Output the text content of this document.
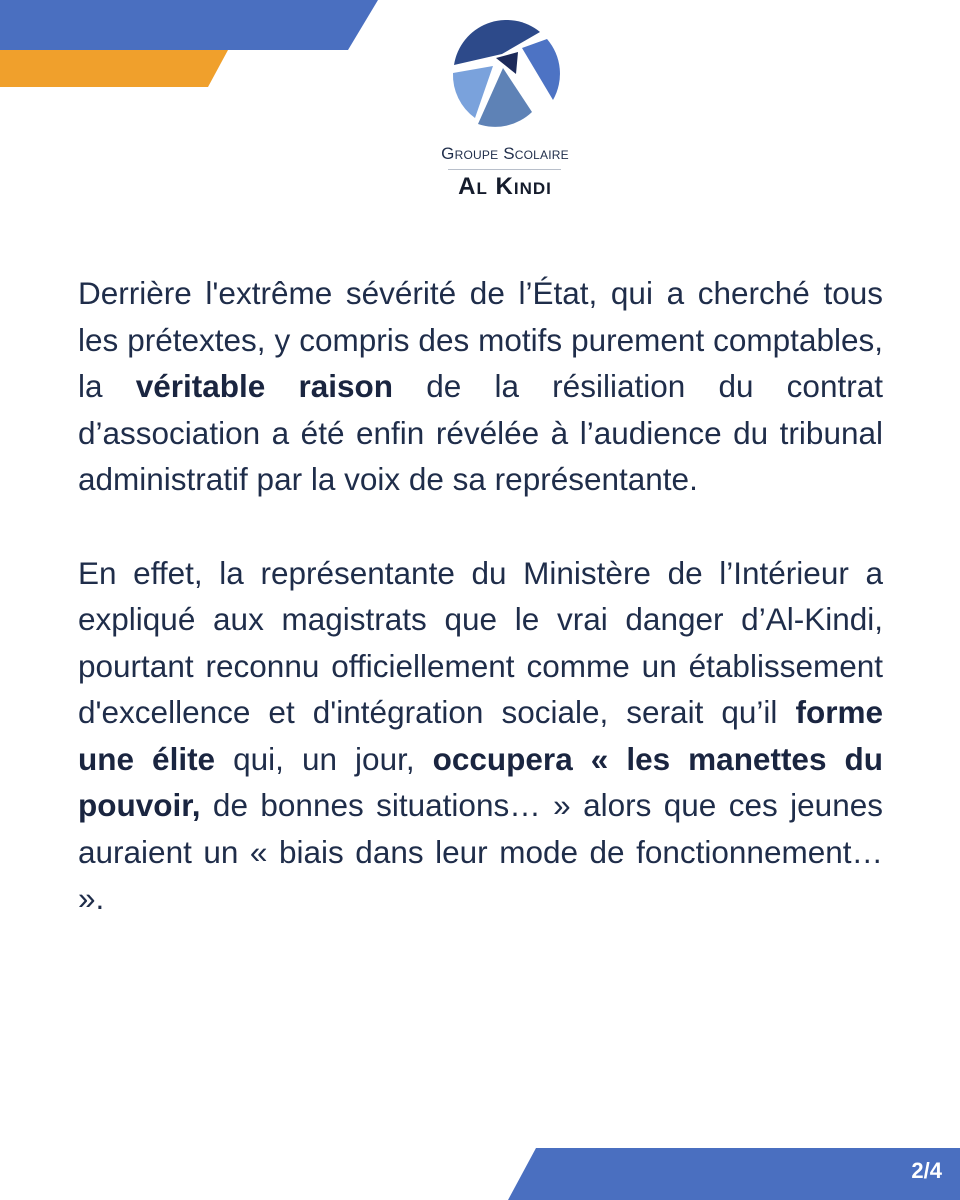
Groupe Scolaire
Al Kindi

Derrière l'extrême sévérité de l’État, qui a cherché tous les prétextes, y compris des motifs purement comptables, la véritable raison de la résiliation du contrat d’association a été enfin révélée à l’audience du tribunal administratif par la voix de sa représentante.

En effet, la représentante du Ministère de l’Intérieur a expliqué aux magistrats que le vrai danger d’Al-Kindi, pourtant reconnu officiellement comme un établissement d'excellence et d'intégration sociale, serait qu’il forme une élite qui, un jour, occupera « les manettes du pouvoir, de bonnes situations… » alors que ces jeunes auraient un « biais dans leur mode de fonctionnement… ».

2/4
